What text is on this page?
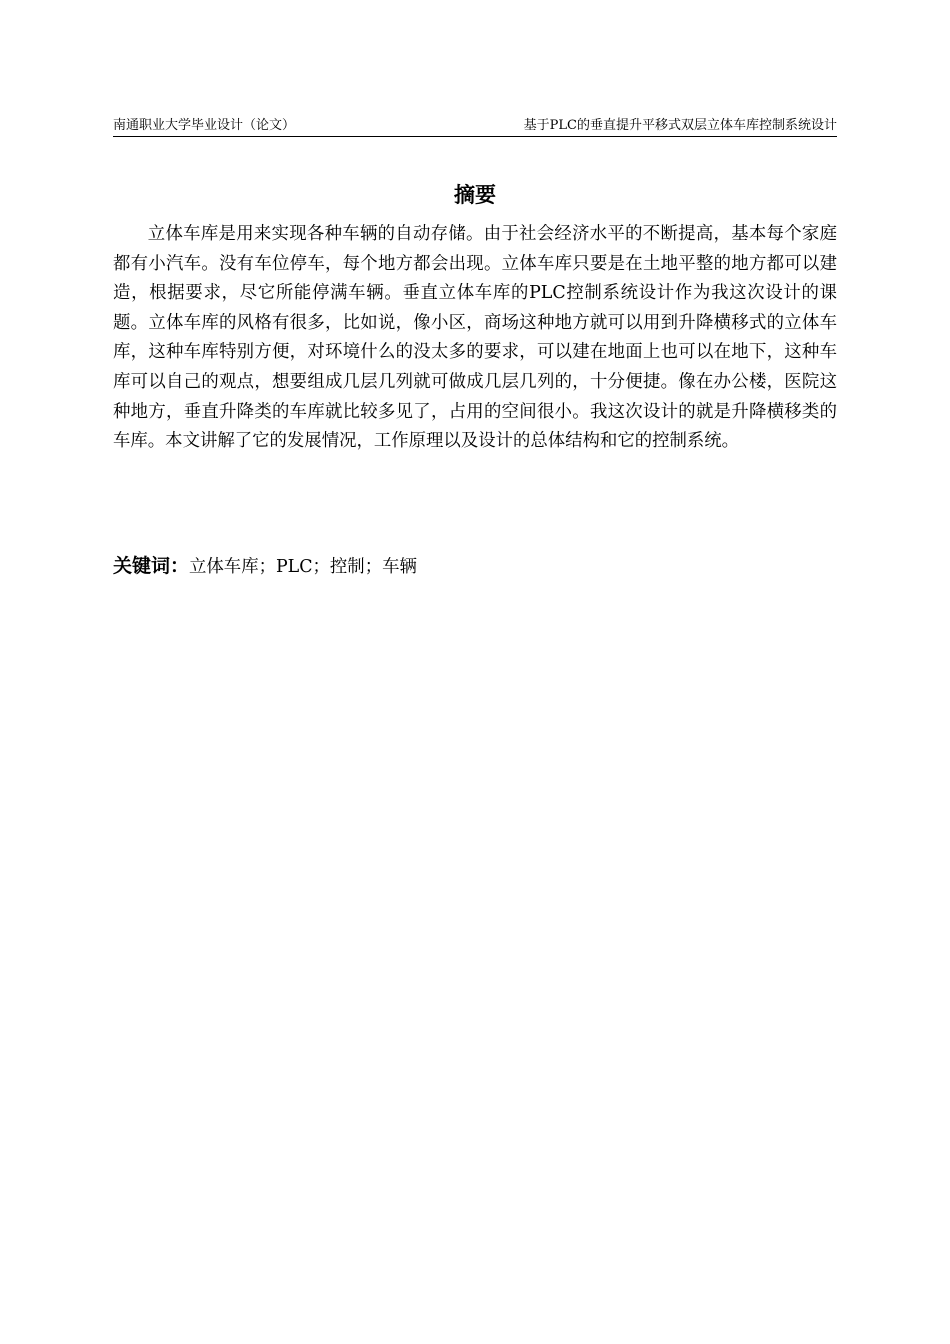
南通职业大学毕业设计（论文）	基于PLC的垂直提升平移式双层立体车库控制系统设计
摘要

立体车库是用来实现各种车辆的自动存储。由于社会经济水平的不断提高，基本每个家庭都有小汽车。没有车位停车，每个地方都会出现。立体车库只要是在土地平整的地方都可以建造，根据要求，尽它所能停满车辆。垂直立体车库的PLC控制系统设计作为我这次设计的课题。立体车库的风格有很多，比如说，像小区，商场这种地方就可以用到升降横移式的立体车库，这种车库特别方便，对环境什么的没太多的要求，可以建在地面上也可以在地下，这种车库可以自己的观点，想要组成几层几列就可做成几层几列的，十分便捷。像在办公楼，医院这种地方，垂直升降类的车库就比较多见了，占用的空间很小。我这次设计的就是升降横移类的车库。本文讲解了它的发展情况，工作原理以及设计的总体结构和它的控制系统。

关键词：立体车库；PLC；控制；车辆
